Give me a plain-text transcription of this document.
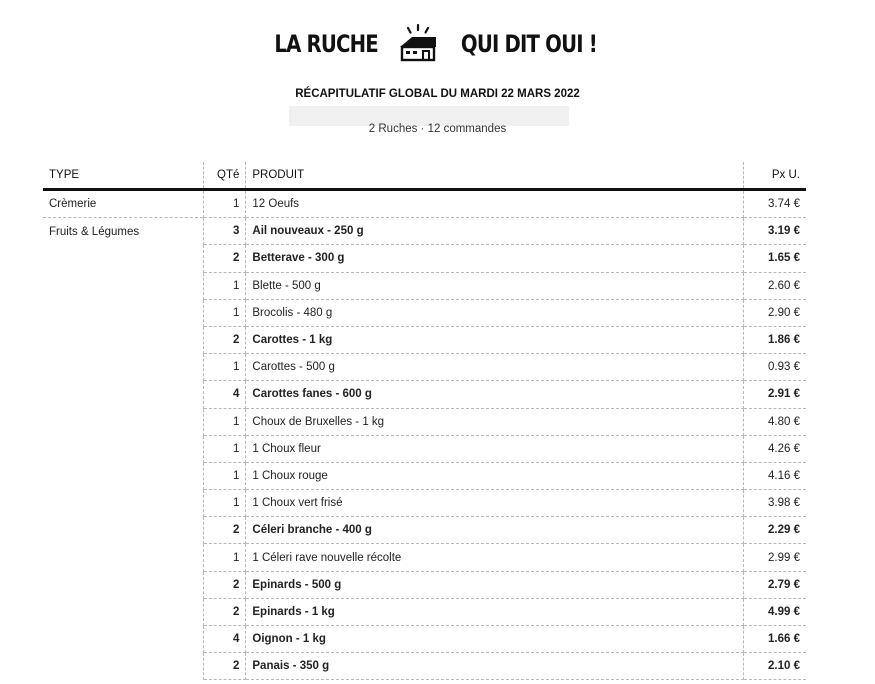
LA RUCHE	QUI DIT OUI !
RÉCAPITULATIF GLOBAL DU MARDI 22 MARS 2022
2 Ruches · 12 commandes
TYPE	QTé	PRODUIT	Px U.
Crèmerie	1	12 Oeufs	3.74 €
Fruits & Légumes	3	Ail nouveaux - 250 g	3.19 €
	2	Betterave - 300 g	1.65 €
	1	Blette - 500 g	2.60 €
	1	Brocolis - 480 g	2.90 €
	2	Carottes - 1 kg	1.86 €
	1	Carottes - 500 g	0.93 €
	4	Carottes fanes - 600 g	2.91 €
	1	Choux de Bruxelles - 1 kg	4.80 €
	1	1 Choux fleur	4.26 €
	1	1 Choux rouge	4.16 €
	1	1 Choux vert frisé	3.98 €
	2	Céleri branche - 400 g	2.29 €
	1	1 Céleri rave nouvelle récolte	2.99 €
	2	Epinards - 500 g	2.79 €
	2	Epinards - 1 kg	4.99 €
	4	Oignon - 1 kg	1.66 €
	2	Panais - 350 g	2.10 €
